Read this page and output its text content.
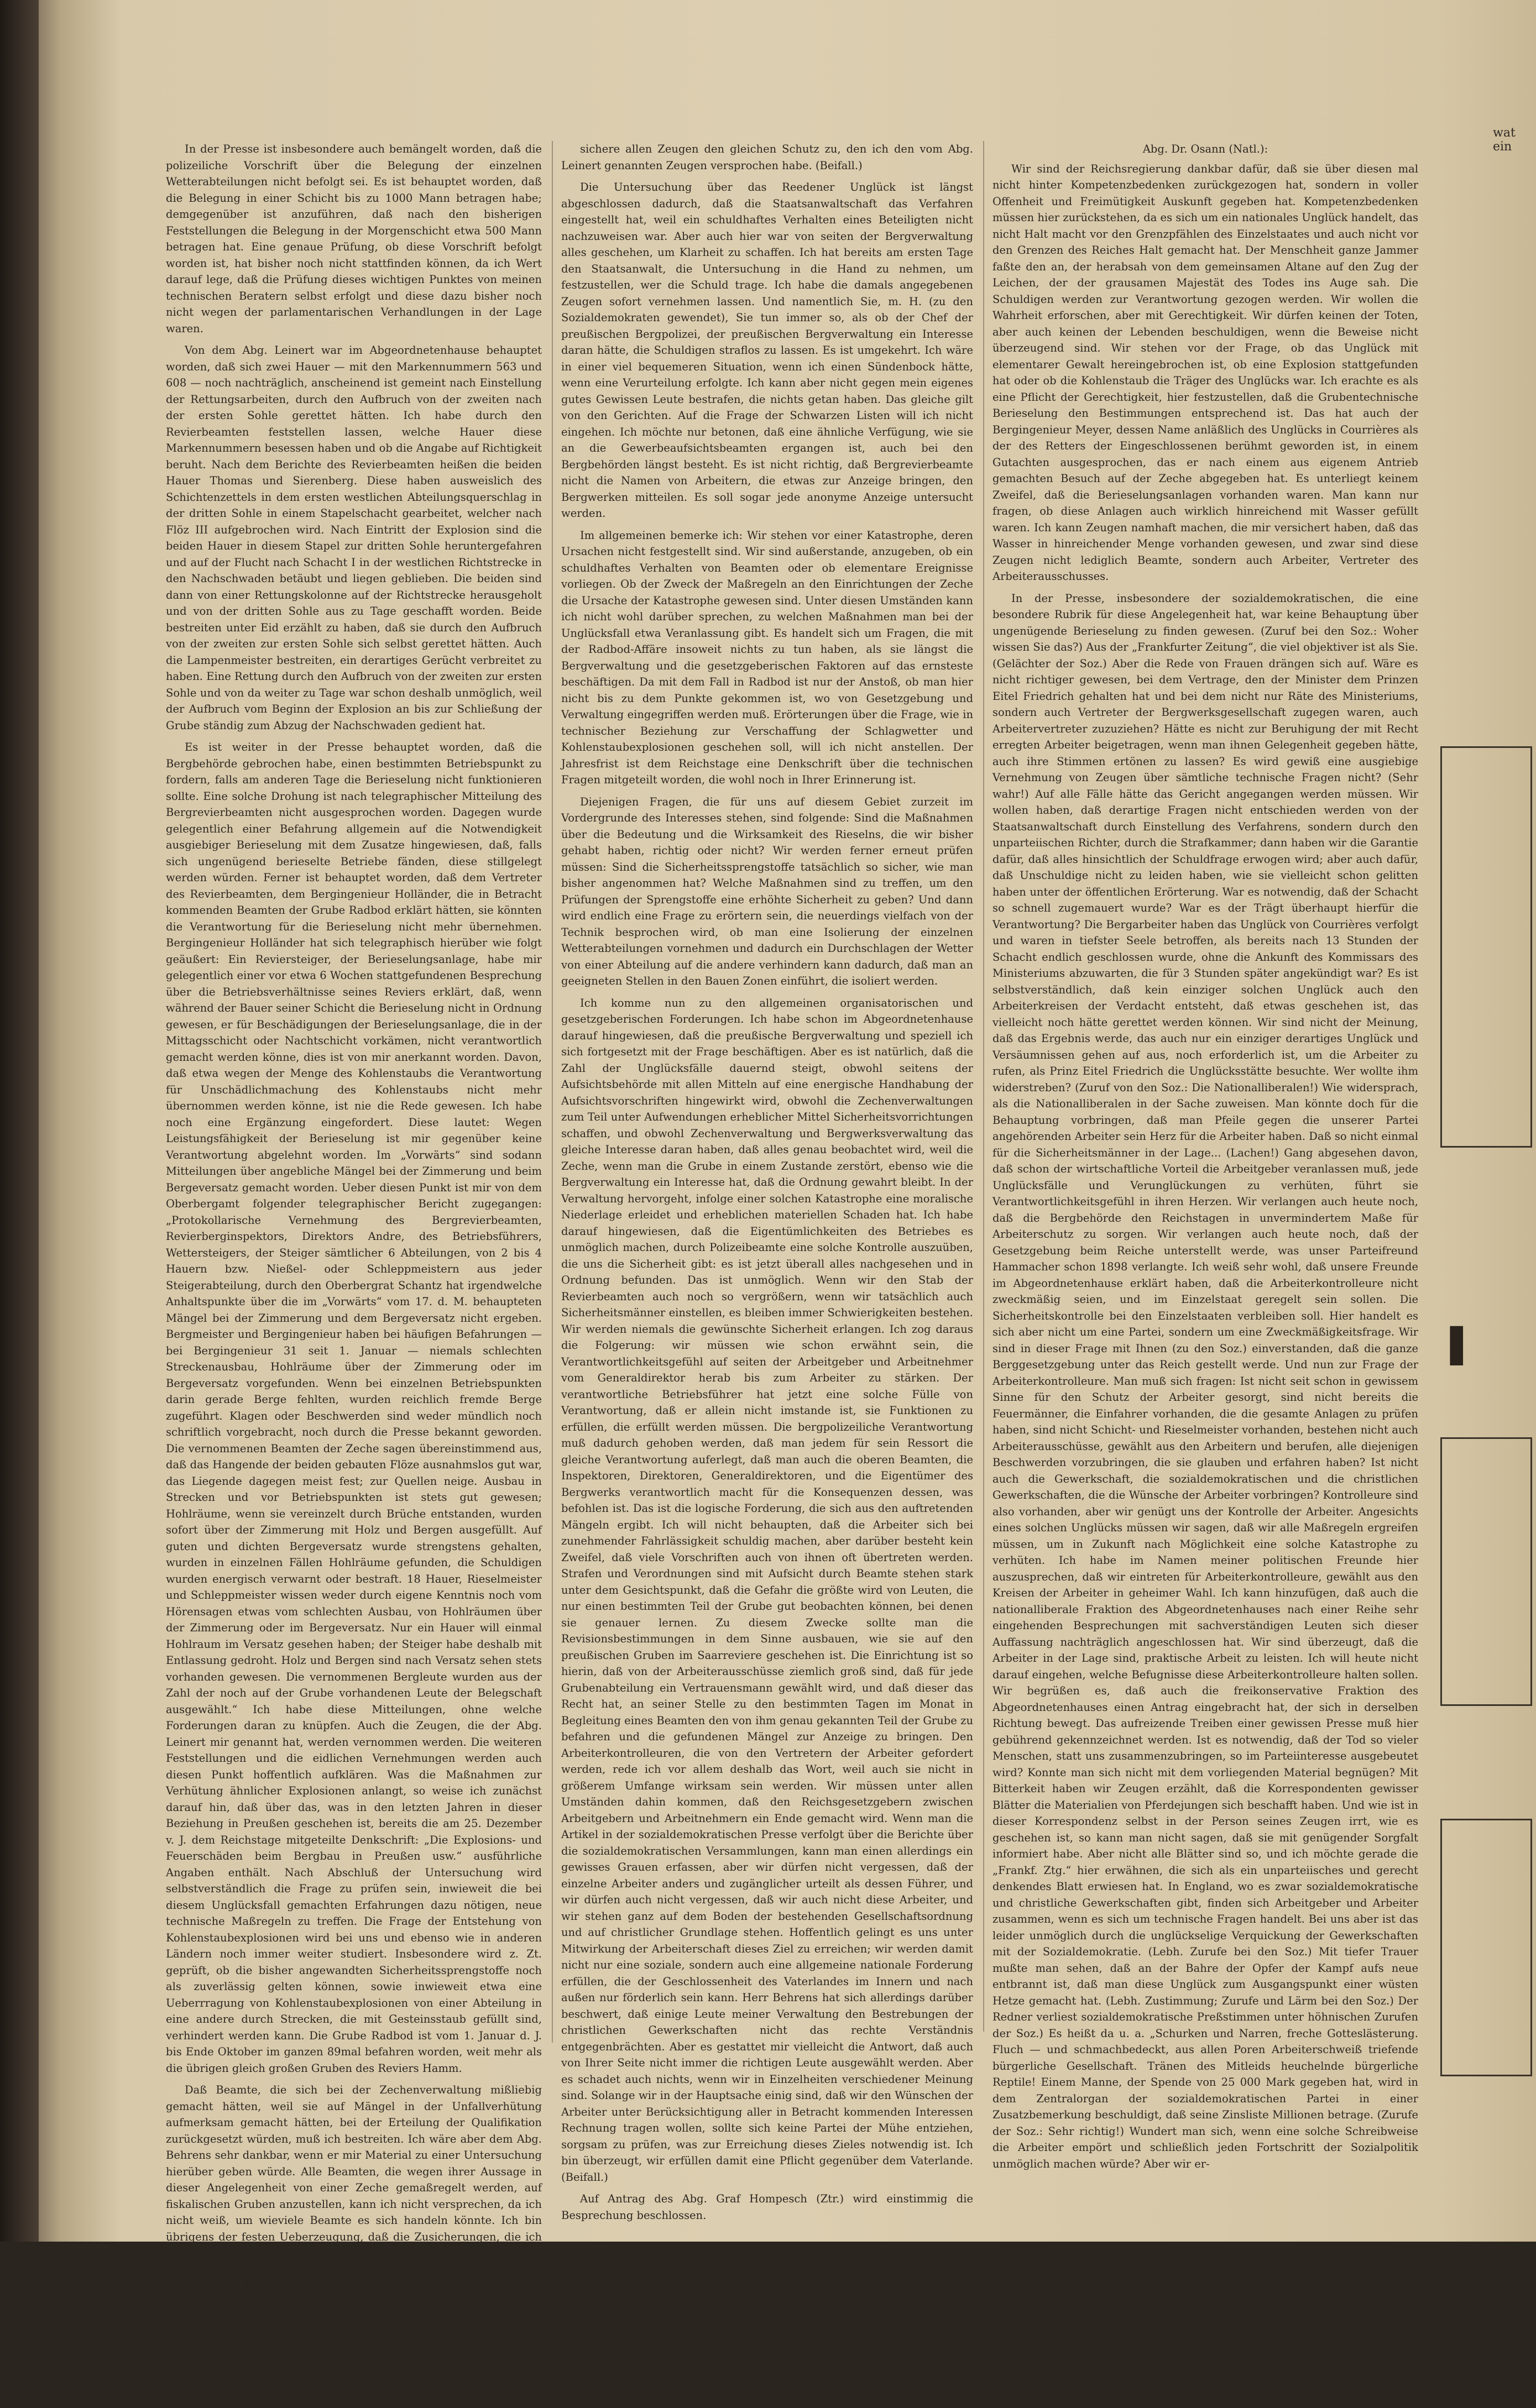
wat ein

In der Presse ist insbesondere auch bemängelt worden, daß die polizeiliche Vorschrift über die Belegung der einzelnen Wetterabteilungen nicht befolgt sei. Es ist behauptet worden, daß die Belegung in einer Schicht bis zu 1000 Mann betragen habe; demgegenüber ist anzuführen, daß nach den bisherigen Feststellungen die Belegung in der Morgenschicht etwa 500 Mann betragen hat. Eine genaue Prüfung, ob diese Vorschrift befolgt worden ist, hat bisher noch nicht stattfinden können, da ich Wert darauf lege, daß die Prüfung dieses wichtigen Punktes von meinen technischen Beratern selbst erfolgt und diese dazu bisher noch nicht wegen der parlamentarischen Verhandlungen in der Lage waren.

Von dem Abg. Leinert war im Abgeordnetenhause behauptet worden, daß sich zwei Hauer — mit den Markennummern 563 und 608 — noch nachträglich, anscheinend ist gemeint nach Einstellung der Rettungsarbeiten, durch den Aufbruch von der zweiten nach der ersten Sohle gerettet hätten. Ich habe durch den Revierbeamten feststellen lassen, welche Hauer diese Markennummern besessen haben und ob die Angabe auf Richtigkeit beruht. Nach dem Berichte des Revierbeamten heißen die beiden Hauer Thomas und Sierenberg. Diese haben ausweislich des Schichtenzettels in dem ersten westlichen Abteilungsquerschlag in der dritten Sohle in einem Stapelschacht gearbeitet, welcher nach Flöz III aufgebrochen wird. Nach Eintritt der Explosion sind die beiden Hauer in diesem Stapel zur dritten Sohle heruntergefahren und auf der Flucht nach Schacht I in der westlichen Richtstrecke in den Nachschwaden betäubt und liegen geblieben. Die beiden sind dann von einer Rettungskolonne auf der Richtstrecke herausgeholt und von der dritten Sohle aus zu Tage geschafft worden. Beide bestreiten unter Eid erzählt zu haben, daß sie durch den Aufbruch von der zweiten zur ersten Sohle sich selbst gerettet hätten. Auch die Lampenmeister bestreiten, ein derartiges Gerücht verbreitet zu haben. Eine Rettung durch den Aufbruch von der zweiten zur ersten Sohle und von da weiter zu Tage war schon deshalb unmöglich, weil der Aufbruch vom Beginn der Explosion an bis zur Schließung der Grube ständig zum Abzug der Nachschwaden gedient hat.

Es ist weiter in der Presse behauptet worden, daß die Bergbehörde gebrochen habe, einen bestimmten Betriebspunkt zu fordern, falls am anderen Tage die Berieselung nicht funktionieren sollte. Eine solche Drohung ist nach telegraphischer Mitteilung des Bergrevierbeamten nicht ausgesprochen worden. Dagegen wurde gelegentlich einer Befahrung allgemein auf die Notwendigkeit ausgiebiger Berieselung mit dem Zusatze hingewiesen, daß, falls sich ungenügend berieselte Betriebe fänden, diese stillgelegt werden würden. Ferner ist behauptet worden, daß dem Vertreter des Revierbeamten, dem Bergingenieur Holländer, die in Betracht kommenden Beamten der Grube Radbod erklärt hätten, sie könnten die Verantwortung für die Berieselung nicht mehr übernehmen. Bergingenieur Holländer hat sich telegraphisch hierüber wie folgt geäußert: Ein Reviersteiger, der Berieselungsanlage, habe mir gelegentlich einer vor etwa 6 Wochen stattgefundenen Besprechung über die Betriebsverhältnisse seines Reviers erklärt, daß, wenn während der Bauer seiner Schicht die Berieselung nicht in Ordnung gewesen, er für Beschädigungen der Berieselungsanlage, die in der Mittagsschicht oder Nachtschicht vorkämen, nicht verantwortlich gemacht werden könne, dies ist von mir anerkannt worden. Davon, daß etwa wegen der Menge des Kohlenstaubs die Verantwortung für Unschädlichmachung des Kohlenstaubs nicht mehr übernommen werden könne, ist nie die Rede gewesen. Ich habe noch eine Ergänzung eingefordert. Diese lautet: Wegen Leistungsfähigkeit der Berieselung ist mir gegenüber keine Verantwortung abgelehnt worden. Im „Vorwärts“ sind sodann Mitteilungen über angebliche Mängel bei der Zimmerung und beim Bergeversatz gemacht worden. Ueber diesen Punkt ist mir von dem Oberbergamt folgender telegraphischer Bericht zugegangen: „Protokollarische Vernehmung des Bergrevierbeamten, Revierberginspektors, Direktors Andre, des Betriebsführers, Wettersteigers, der Steiger sämtlicher 6 Abteilungen, von 2 bis 4 Hauern bzw. Nießel- oder Schleppmeistern aus jeder Steigerabteilung, durch den Oberbergrat Schantz hat irgendwelche Anhaltspunkte über die im „Vorwärts“ vom 17. d. M. behaupteten Mängel bei der Zimmerung und dem Bergeversatz nicht ergeben. Bergmeister und Bergingenieur haben bei häufigen Befahrungen — bei Bergingenieur 31 seit 1. Januar — niemals schlechten Streckenausbau, Hohlräume über der Zimmerung oder im Bergeversatz vorgefunden. Wenn bei einzelnen Betriebspunkten darin gerade Berge fehlten, wurden reichlich fremde Berge zugeführt. Klagen oder Beschwerden sind weder mündlich noch schriftlich vorgebracht, noch durch die Presse bekannt geworden. Die vernommenen Beamten der Zeche sagen übereinstimmend aus, daß das Hangende der beiden gebauten Flöze ausnahmslos gut war, das Liegende dagegen meist fest; zur Quellen neige. Ausbau in Strecken und vor Betriebspunkten ist stets gut gewesen; Hohlräume, wenn sie vereinzelt durch Brüche entstanden, wurden sofort über der Zimmerung mit Holz und Bergen ausgefüllt. Auf guten und dichten Bergeversatz wurde strengstens gehalten, wurden in einzelnen Fällen Hohlräume gefunden, die Schuldigen wurden energisch verwarnt oder bestraft. 18 Hauer, Rieselmeister und Schleppmeister wissen weder durch eigene Kenntnis noch vom Hörensagen etwas vom schlechten Ausbau, von Hohlräumen über der Zimmerung oder im Bergeversatz. Nur ein Hauer will einmal Hohlraum im Versatz gesehen haben; der Steiger habe deshalb mit Entlassung gedroht. Holz und Bergen sind nach Versatz sehen stets vorhanden gewesen. Die vernommenen Bergleute wurden aus der Zahl der noch auf der Grube vorhandenen Leute der Belegschaft ausgewählt.“ Ich habe diese Mitteilungen, ohne welche Forderungen daran zu knüpfen. Auch die Zeugen, die der Abg. Leinert mir genannt hat, werden vernommen werden. Die weiteren Feststellungen und die eidlichen Vernehmungen werden auch diesen Punkt hoffentlich aufklären. Was die Maßnahmen zur Verhütung ähnlicher Explosionen anlangt, so weise ich zunächst darauf hin, daß über das, was in den letzten Jahren in dieser Beziehung in Preußen geschehen ist, bereits die am 25. Dezember v. J. dem Reichstage mitgeteilte Denkschrift: „Die Explosions- und Feuerschäden beim Bergbau in Preußen usw.“ ausführliche Angaben enthält. Nach Abschluß der Untersuchung wird selbstverständlich die Frage zu prüfen sein, inwieweit die bei diesem Unglücksfall gemachten Erfahrungen dazu nötigen, neue technische Maßregeln zu treffen. Die Frage der Entstehung von Kohlenstaubexplosionen wird bei uns und ebenso wie in anderen Ländern noch immer weiter studiert. Insbesondere wird z. Zt. geprüft, ob die bisher angewandten Sicherheitssprengstoffe noch als zuverlässig gelten können, sowie inwieweit etwa eine Ueberrragung von Kohlenstaubexplosionen von einer Abteilung in eine andere durch Strecken, die mit Gesteinsstaub gefüllt sind, verhindert werden kann. Die Grube Radbod ist vom 1. Januar d. J. bis Ende Oktober im ganzen 89mal befahren worden, weit mehr als die übrigen gleich großen Gruben des Reviers Hamm.

Daß Beamte, die sich bei der Zechenverwaltung mißliebig gemacht hätten, weil sie auf Mängel in der Unfallverhütung aufmerksam gemacht hätten, bei der Erteilung der Qualifikation zurückgesetzt würden, muß ich bestreiten. Ich wäre aber dem Abg. Behrens sehr dankbar, wenn er mir Material zu einer Untersuchung hierüber geben würde. Alle Beamten, die wegen ihrer Aussage in dieser Angelegenheit von einer Zeche gemaßregelt werden, auf fiskalischen Gruben anzustellen, kann ich nicht versprechen, da ich nicht weiß, um wieviele Beamte es sich handeln könnte. Ich bin übrigens der festen Ueberzeugung, daß die Zusicherungen, die ich in dieser Beziehung dem Abg. Leinert gegeben habe, ganz überflüssig sind. Ich glaube nicht, daß irgend eine Zechenverwaltung einen Mann, der lediglich seine staatsbürgerliche Pflicht erfüllt, in einer schwebenden gerichtlichen Untersuchung nach bestem Wissen und Gewissen auszusagen, deswegen entlassen oder auf die schwarze Liste setzen wird. (Lachen bei den Sozialdemokraten und im Zentrum.) Wenn Sie recht haben, so werden diese Zeugen eben auf meinen Zechen ein Unterkommen finden, und damit ist die Frage erledigt. Ich werde jedem dankbar sein, der zur Aufklärung des Falles beiträgt und

sichere allen Zeugen den gleichen Schutz zu, den ich den vom Abg. Leinert genannten Zeugen versprochen habe. (Beifall.)

Die Untersuchung über das Reedener Unglück ist längst abgeschlossen dadurch, daß die Staatsanwaltschaft das Verfahren eingestellt hat, weil ein schuldhaftes Verhalten eines Beteiligten nicht nachzuweisen war. Aber auch hier war von seiten der Bergverwaltung alles geschehen, um Klarheit zu schaffen. Ich hat bereits am ersten Tage den Staatsanwalt, die Untersuchung in die Hand zu nehmen, um festzustellen, wer die Schuld trage. Ich habe die damals angegebenen Zeugen sofort vernehmen lassen. Und namentlich Sie, m. H. (zu den Sozialdemokraten gewendet), Sie tun immer so, als ob der Chef der preußischen Bergpolizei, der preußischen Bergverwaltung ein Interesse daran hätte, die Schuldigen straflos zu lassen. Es ist umgekehrt. Ich wäre in einer viel bequemeren Situation, wenn ich einen Sündenbock hätte, wenn eine Verurteilung erfolgte. Ich kann aber nicht gegen mein eigenes gutes Gewissen Leute bestrafen, die nichts getan haben. Das gleiche gilt von den Gerichten. Auf die Frage der Schwarzen Listen will ich nicht eingehen. Ich möchte nur betonen, daß eine ähnliche Verfügung, wie sie an die Gewerbeaufsichtsbeamten ergangen ist, auch bei den Bergbehörden längst besteht. Es ist nicht richtig, daß Bergrevierbeamte nicht die Namen von Arbeitern, die etwas zur Anzeige bringen, den Bergwerken mitteilen. Es soll sogar jede anonyme Anzeige untersucht werden.

Im allgemeinen bemerke ich: Wir stehen vor einer Katastrophe, deren Ursachen nicht festgestellt sind. Wir sind außerstande, anzugeben, ob ein schuldhaftes Verhalten von Beamten oder ob elementare Ereignisse vorliegen. Ob der Zweck der Maßregeln an den Einrichtungen der Zeche die Ursache der Katastrophe gewesen sind. Unter diesen Umständen kann ich nicht wohl darüber sprechen, zu welchen Maßnahmen man bei der Unglücksfall etwa Veranlassung gibt. Es handelt sich um Fragen, die mit der Radbod-Affäre insoweit nichts zu tun haben, als sie längst die Bergverwaltung und die gesetzgeberischen Faktoren auf das ernsteste beschäftigen. Da mit dem Fall in Radbod ist nur der Anstoß, ob man hier nicht bis zu dem Punkte gekommen ist, wo von Gesetzgebung und Verwaltung eingegriffen werden muß. Erörterungen über die Frage, wie in technischer Beziehung zur Verschaffung der Schlagwetter und Kohlenstaubexplosionen geschehen soll, will ich nicht anstellen. Der Jahresfrist ist dem Reichstage eine Denkschrift über die technischen Fragen mitgeteilt worden, die wohl noch in Ihrer Erinnerung ist.

Diejenigen Fragen, die für uns auf diesem Gebiet zurzeit im Vordergrunde des Interesses stehen, sind folgende: Sind die Maßnahmen über die Bedeutung und die Wirksamkeit des Rieselns, die wir bisher gehabt haben, richtig oder nicht? Wir werden ferner erneut prüfen müssen: Sind die Sicherheitssprengstoffe tatsächlich so sicher, wie man bisher angenommen hat? Welche Maßnahmen sind zu treffen, um den Prüfungen der Sprengstoffe eine erhöhte Sicherheit zu geben? Und dann wird endlich eine Frage zu erörtern sein, die neuerdings vielfach von der Technik besprochen wird, ob man eine Isolierung der einzelnen Wetterabteilungen vornehmen und dadurch ein Durchschlagen der Wetter von einer Abteilung auf die andere verhindern kann dadurch, daß man an geeigneten Stellen in den Bauen Zonen einführt, die isoliert werden.

Ich komme nun zu den allgemeinen organisatorischen und gesetzgeberischen Forderungen. Ich habe schon im Abgeordnetenhause darauf hingewiesen, daß die preußische Bergverwaltung und speziell ich sich fortgesetzt mit der Frage beschäftigen. Aber es ist natürlich, daß die Zahl der Unglücksfälle dauernd steigt, obwohl seitens der Aufsichtsbehörde mit allen Mitteln auf eine energische Handhabung der Aufsichtsvorschriften hingewirkt wird, obwohl die Zechenverwaltungen zum Teil unter Aufwendungen erheblicher Mittel Sicherheitsvorrichtungen schaffen, und obwohl Zechenverwaltung und Bergwerksverwaltung das gleiche Interesse daran haben, daß alles genau beobachtet wird, weil die Zeche, wenn man die Grube in einem Zustande zerstört, ebenso wie die Bergverwaltung ein Interesse hat, daß die Ordnung gewahrt bleibt. In der Verwaltung hervorgeht, infolge einer solchen Katastrophe eine moralische Niederlage erleidet und erheblichen materiellen Schaden hat. Ich habe darauf hingewiesen, daß die Eigentümlichkeiten des Betriebes es unmöglich machen, durch Polizeibeamte eine solche Kontrolle auszuüben, die uns die Sicherheit gibt: es ist jetzt überall alles nachgesehen und in Ordnung befunden. Das ist unmöglich. Wenn wir den Stab der Revierbeamten auch noch so vergrößern, wenn wir tatsächlich auch Sicherheitsmänner einstellen, es bleiben immer Schwierigkeiten bestehen. Wir werden niemals die gewünschte Sicherheit erlangen. Ich zog daraus die Folgerung: wir müssen wie schon erwähnt sein, die Verantwortlichkeitsgefühl auf seiten der Arbeitgeber und Arbeitnehmer vom Generaldirektor herab bis zum Arbeiter zu stärken. Der verantwortliche Betriebsführer hat jetzt eine solche Fülle von Verantwortung, daß er allein nicht imstande ist, sie Funktionen zu erfüllen, die erfüllt werden müssen. Die bergpolizeiliche Verantwortung muß dadurch gehoben werden, daß man jedem für sein Ressort die gleiche Verantwortung auferlegt, daß man auch die oberen Beamten, die Inspektoren, Direktoren, Generaldirektoren, und die Eigentümer des Bergwerks verantwortlich macht für die Konsequenzen dessen, was befohlen ist. Das ist die logische Forderung, die sich aus den auftretenden Mängeln ergibt. Ich will nicht behaupten, daß die Arbeiter sich bei zunehmender Fahrlässigkeit schuldig machen, aber darüber besteht kein Zweifel, daß viele Vorschriften auch von ihnen oft übertreten werden. Strafen und Verordnungen sind mit Aufsicht durch Beamte stehen stark unter dem Gesichtspunkt, daß die Gefahr die größte wird von Leuten, die nur einen bestimmten Teil der Grube gut beobachten können, bei denen sie genauer lernen. Zu diesem Zwecke sollte man die Revisionsbestimmungen in dem Sinne ausbauen, wie sie auf den preußischen Gruben im Saarreviere geschehen ist. Die Einrichtung ist so hierin, daß von der Arbeiterausschüsse ziemlich groß sind, daß für jede Grubenabteilung ein Vertrauensmann gewählt wird, und daß dieser das Recht hat, an seiner Stelle zu den bestimmten Tagen im Monat in Begleitung eines Beamten den von ihm genau gekannten Teil der Grube zu befahren und die gefundenen Mängel zur Anzeige zu bringen. Den Arbeiterkontrolleuren, die von den Vertretern der Arbeiter gefordert werden, rede ich vor allem deshalb das Wort, weil auch sie nicht in größerem Umfange wirksam sein werden. Wir müssen unter allen Umständen dahin kommen, daß den Reichsgesetzgebern zwischen Arbeitgebern und Arbeitnehmern ein Ende gemacht wird. Wenn man die Artikel in der sozialdemokratischen Presse verfolgt über die Berichte über die sozialdemokratischen Versammlungen, kann man einen allerdings ein gewisses Grauen erfassen, aber wir dürfen nicht vergessen, daß der einzelne Arbeiter anders und zugänglicher urteilt als dessen Führer, und wir dürfen auch nicht vergessen, daß wir auch nicht diese Arbeiter, und wir stehen ganz auf dem Boden der bestehenden Gesellschaftsordnung und auf christlicher Grundlage stehen. Hoffentlich gelingt es uns unter Mitwirkung der Arbeiterschaft dieses Ziel zu erreichen; wir werden damit nicht nur eine soziale, sondern auch eine allgemeine nationale Forderung erfüllen, die der Geschlossenheit des Vaterlandes im Innern und nach außen nur förderlich sein kann. Herr Behrens hat sich allerdings darüber beschwert, daß einige Leute meiner Verwaltung den Bestrebungen der christlichen Gewerkschaften nicht das rechte Verständnis entgegenbrächten. Aber es gestattet mir vielleicht die Antwort, daß auch von Ihrer Seite nicht immer die richtigen Leute ausgewählt werden. Aber es schadet auch nichts, wenn wir in Einzelheiten verschiedener Meinung sind. Solange wir in der Hauptsache einig sind, daß wir den Wünschen der Arbeiter unter Berücksichtigung aller in Betracht kommenden Interessen Rechnung tragen wollen, sollte sich keine Partei der Mühe entziehen, sorgsam zu prüfen, was zur Erreichung dieses Zieles notwendig ist. Ich bin überzeugt, wir erfüllen damit eine Pflicht gegenüber dem Vaterlande. (Beifall.)

Auf Antrag des Abg. Graf Hompesch (Ztr.) wird einstimmig die Besprechung beschlossen.

Abg. Dr. Osann (Natl.):

Wir sind der Reichsregierung dankbar dafür, daß sie über diesen mal nicht hinter Kompetenzbedenken zurückgezogen hat, sondern in voller Offenheit und Freimütigkeit Auskunft gegeben hat. Kompetenzbedenken müssen hier zurückstehen, da es sich um ein nationales Unglück handelt, das nicht Halt macht vor den Grenzpfählen des Einzelstaates und auch nicht vor den Grenzen des Reiches Halt gemacht hat. Der Menschheit ganze Jammer faßte den an, der herabsah von dem gemeinsamen Altane auf den Zug der Leichen, der der grausamen Majestät des Todes ins Auge sah. Die Schuldigen werden zur Verantwortung gezogen werden. Wir wollen die Wahrheit erforschen, aber mit Gerechtigkeit. Wir dürfen keinen der Toten, aber auch keinen der Lebenden beschuldigen, wenn die Beweise nicht überzeugend sind. Wir stehen vor der Frage, ob das Unglück mit elementarer Gewalt hereingebrochen ist, ob eine Explosion stattgefunden hat oder ob die Kohlenstaub die Träger des Unglücks war. Ich erachte es als eine Pflicht der Gerechtigkeit, hier festzustellen, daß die Grubentechnische Berieselung den Bestimmungen entsprechend ist. Das hat auch der Bergingenieur Meyer, dessen Name anläßlich des Unglücks in Courrières als der des Retters der Eingeschlossenen berühmt geworden ist, in einem Gutachten ausgesprochen, das er nach einem aus eigenem Antrieb gemachten Besuch auf der Zeche abgegeben hat. Es unterliegt keinem Zweifel, daß die Berieselungsanlagen vorhanden waren. Man kann nur fragen, ob diese Anlagen auch wirklich hinreichend mit Wasser gefüllt waren. Ich kann Zeugen namhaft machen, die mir versichert haben, daß das Wasser in hinreichender Menge vorhanden gewesen, und zwar sind diese Zeugen nicht lediglich Beamte, sondern auch Arbeiter, Vertreter des Arbeiterausschusses.

In der Presse, insbesondere der sozialdemokratischen, die eine besondere Rubrik für diese Angelegenheit hat, war keine Behauptung über ungenügende Berieselung zu finden gewesen. (Zuruf bei den Soz.: Woher wissen Sie das?) Aus der „Frankfurter Zeitung“, die viel objektiver ist als Sie. (Gelächter der Soz.) Aber die Rede von Frauen drängen sich auf. Wäre es nicht richtiger gewesen, bei dem Vertrage, den der Minister dem Prinzen Eitel Friedrich gehalten hat und bei dem nicht nur Räte des Ministeriums, sondern auch Vertreter der Bergwerksgesellschaft zugegen waren, auch Arbeitervertreter zuzuziehen? Hätte es nicht zur Beruhigung der mit Recht erregten Arbeiter beigetragen, wenn man ihnen Gelegenheit gegeben hätte, auch ihre Stimmen ertönen zu lassen? Es wird gewiß eine ausgiebige Vernehmung von Zeugen über sämtliche technische Fragen nicht? (Sehr wahr!) Auf alle Fälle hätte das Gericht angegangen werden müssen. Wir wollen haben, daß derartige Fragen nicht entschieden werden von der Staatsanwaltschaft durch Einstellung des Verfahrens, sondern durch den unparteiischen Richter, durch die Strafkammer; dann haben wir die Garantie dafür, daß alles hinsichtlich der Schuldfrage erwogen wird; aber auch dafür, daß Unschuldige nicht zu leiden haben, wie sie vielleicht schon gelitten haben unter der öffentlichen Erörterung. War es notwendig, daß der Schacht so schnell zugemauert wurde? War es der Trägt überhaupt hierfür die Verantwortung? Die Bergarbeiter haben das Unglück von Courrières verfolgt und waren in tiefster Seele betroffen, als bereits nach 13 Stunden der Schacht endlich geschlossen wurde, ohne die Ankunft des Kommissars des Ministeriums abzuwarten, die für 3 Stunden später angekündigt war? Es ist selbstverständlich, daß kein einziger solchen Unglück auch den Arbeiterkreisen der Verdacht entsteht, daß etwas geschehen ist, das vielleicht noch hätte gerettet werden können. Wir sind nicht der Meinung, daß das Ergebnis werde, das auch nur ein einziger derartiges Unglück und Versäumnissen gehen auf aus, noch erforderlich ist, um die Arbeiter zu rufen, als Prinz Eitel Friedrich die Unglücksstätte besuchte. Wer wollte ihm widerstreben? (Zuruf von den Soz.: Die Nationalliberalen!) Wie widersprach, als die Nationalliberalen in der Sache zuweisen. Man könnte doch für die Behauptung vorbringen, daß man Pfeile gegen die unserer Partei angehörenden Arbeiter sein Herz für die Arbeiter haben. Daß so nicht einmal für die Sicherheitsmänner in der Lage... (Lachen!) Gang abgesehen davon, daß schon der wirtschaftliche Vorteil die Arbeitgeber veranlassen muß, jede Unglücksfälle und Verunglückungen zu verhüten, führt sie Verantwortlichkeitsgefühl in ihren Herzen. Wir verlangen auch heute noch, daß die Bergbehörde den Reichstagen in unvermindertem Maße für Arbeiterschutz zu sorgen. Wir verlangen auch heute noch, daß der Gesetzgebung beim Reiche unterstellt werde, was unser Parteifreund Hammacher schon 1898 verlangte. Ich weiß sehr wohl, daß unsere Freunde im Abgeordnetenhause erklärt haben, daß die Arbeiterkontrolleure nicht zweckmäßig seien, und im Einzelstaat geregelt sein sollen. Die Sicherheitskontrolle bei den Einzelstaaten verbleiben soll. Hier handelt es sich aber nicht um eine Partei, sondern um eine Zweckmäßigkeitsfrage. Wir sind in dieser Frage mit Ihnen (zu den Soz.) einverstanden, daß die ganze Berggesetzgebung unter das Reich gestellt werde. Und nun zur Frage der Arbeiterkontrolleure. Man muß sich fragen: Ist nicht seit schon in gewissem Sinne für den Schutz der Arbeiter gesorgt, sind nicht bereits die Feuermänner, die Einfahrer vorhanden, die die gesamte Anlagen zu prüfen haben, sind nicht Schicht- und Rieselmeister vorhanden, bestehen nicht auch Arbeiterausschüsse, gewählt aus den Arbeitern und berufen, alle diejenigen Beschwerden vorzubringen, die sie glauben und erfahren haben? Ist nicht auch die Gewerkschaft, die sozialdemokratischen und die christlichen Gewerkschaften, die die Wünsche der Arbeiter vorbringen? Kontrolleure sind also vorhanden, aber wir genügt uns der Kontrolle der Arbeiter. Angesichts eines solchen Unglücks müssen wir sagen, daß wir alle Maßregeln ergreifen müssen, um in Zukunft nach Möglichkeit eine solche Katastrophe zu verhüten. Ich habe im Namen meiner politischen Freunde hier auszusprechen, daß wir eintreten für Arbeiterkontrolleure, gewählt aus den Kreisen der Arbeiter in geheimer Wahl. Ich kann hinzufügen, daß auch die nationalliberale Fraktion des Abgeordnetenhauses nach einer Reihe sehr eingehenden Besprechungen mit sachverständigen Leuten sich dieser Auffassung nachträglich angeschlossen hat. Wir sind überzeugt, daß die Arbeiter in der Lage sind, praktische Arbeit zu leisten. Ich will heute nicht darauf eingehen, welche Befugnisse diese Arbeiterkontrolleure halten sollen. Wir begrüßen es, daß auch die freikonservative Fraktion des Abgeordnetenhauses einen Antrag eingebracht hat, der sich in derselben Richtung bewegt. Das aufreizende Treiben einer gewissen Presse muß hier gebührend gekennzeichnet werden. Ist es notwendig, daß der Tod so vieler Menschen, statt uns zusammenzubringen, so im Parteiinteresse ausgebeutet wird? Konnte man sich nicht mit dem vorliegenden Material begnügen? Mit Bitterkeit haben wir Zeugen erzählt, daß die Korrespondenten gewisser Blätter die Materialien von Pferdejungen sich beschafft haben. Und wie ist in dieser Korrespondenz selbst in der Person seines Zeugen irrt, wie es geschehen ist, so kann man nicht sagen, daß sie mit genügender Sorgfalt informiert habe. Aber nicht alle Blätter sind so, und ich möchte gerade die „Frankf. Ztg.“ hier erwähnen, die sich als ein unparteiisches und gerecht denkendes Blatt erwiesen hat. In England, wo es zwar sozialdemokratische und christliche Gewerkschaften gibt, finden sich Arbeitgeber und Arbeiter zusammen, wenn es sich um technische Fragen handelt. Bei uns aber ist das leider unmöglich durch die unglückselige Verquickung der Gewerkschaften mit der Sozialdemokratie. (Lebh. Zurufe bei den Soz.) Mit tiefer Trauer mußte man sehen, daß an der Bahre der Opfer der Kampf aufs neue entbrannt ist, daß man diese Unglück zum Ausgangspunkt einer wüsten Hetze gemacht hat. (Lebh. Zustimmung; Zurufe und Lärm bei den Soz.) Der Redner verliest sozialdemokratische Preßstimmen unter höhnischen Zurufen der Soz.) Es heißt da u. a. „Schurken und Narren, freche Gotteslästerung. Fluch — und schmachbedeckt, aus allen Poren Arbeiterschweiß triefende bürgerliche Gesellschaft. Tränen des Mitleids heuchelnde bürgerliche Reptile! Einem Manne, der Spende von 25 000 Mark gegeben hat, wird in dem Zentralorgan der sozialdemokratischen Partei in einer Zusatzbemerkung beschuldigt, daß seine Zinsliste Millionen betrage. (Zurufe der Soz.: Sehr richtig!) Wundert man sich, wenn eine solche Schreibweise die Arbeiter empört und schließlich jeden Fortschritt der Sozialpolitik unmöglich machen würde? Aber wir er-

▌
